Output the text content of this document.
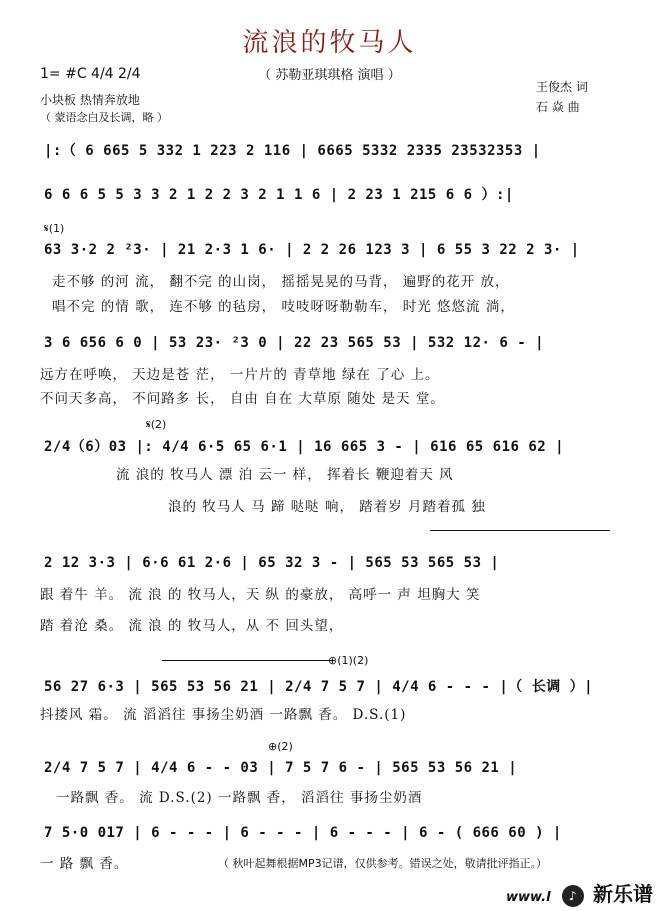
流浪的牧马人
（ 苏勒亚琪琪格 演唱 ）
1= #C 4/4 2/4
小块板 热情奔放地
（ 蒙语念白及长调，略 ）
王俊杰 词
石 焱 曲
|:（ 6 665 5 332 1 223 2 116 | 6665 5332 2335 23532353 |
6 6 6 5 5 3 3 2 1 2 2 3 2 1 1 6 | 2 23 1 215 6 6 ）:|
𝄋(1)
63 3·2 2 ²3· | 21 2·3 1 6· | 2 2 26 123 3 | 6 55 3 22 2 3· |
走不够 的河 流， 翻不完 的山岗， 摇摇晃晃的马背， 遍野的花开 放，
唱不完 的情 歌， 连不够 的毡房， 吱吱呀呀勒勒车， 时光 悠悠流 淌，
3 6 656 6 0 | 53 23· ²3 0 | 22 23 565 53 | 532 12· 6 - |
远方在呼唤， 天边是苍 茫， 一片片的 青草地 绿在 了心 上。
不问天多高， 不问路多 长， 自由 自在 大草原 随处 是天 堂。
𝄋(2)
2/4（6）03 |: 4/4 6·5 65 6·1 | 16 665 3 - | 616 65 616 62 |
流 浪的 牧马人 漂 泊 云一 样， 挥着长 鞭迎着天 风
浪的 牧马人 马 蹄 哒哒 响， 踏着岁 月踏着孤 独
2 12 3·3 | 6·6 61 2·6 | 65 32 3 - | 565 53 565 53 |
跟 着牛 羊。 流 浪 的 牧马人，天 纵 的豪放， 高呼一 声 坦胸大 笑
踏 着沧 桑。 流 浪 的 牧马人，从 不 回头望，
⊕(1)(2)
56 27 6·3 | 565 53 56 21 | 2/4 7 5 7 | 4/4 6 - - - |（ 长调 ）|
抖搂风 霜。 流 滔滔往 事扬尘奶酒 一路飘 香。 D.S.(1)
⊕(2)
2/4 7 5 7 | 4/4 6 - - 03 | 7 5 7 6 - | 565 53 56 21 |
一路飘 香。 流 D.S.(2) 一路飘 香， 滔滔往 事扬尘奶酒
7 5·0 017 | 6 - - - | 6 - - - | 6 - - - | 6 - ( 666 60 ) |
一 路 飘 香。	（ 秋叶起舞根据MP3记谱，仅供参考。错误之处，敬请批评指正。）
www.l ♪ 新乐谱
